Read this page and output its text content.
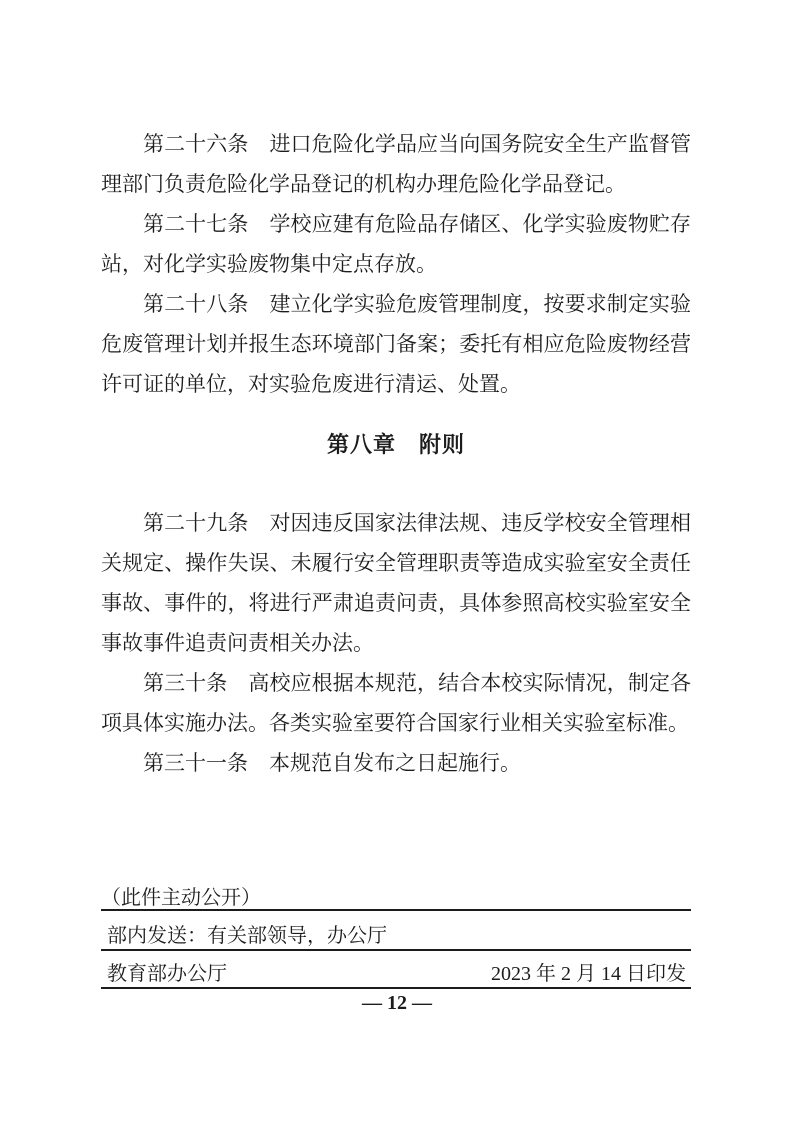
第二十六条　进口危险化学品应当向国务院安全生产监督管理部门负责危险化学品登记的机构办理危险化学品登记。

第二十七条　学校应建有危险品存储区、化学实验废物贮存站，对化学实验废物集中定点存放。

第二十八条　建立化学实验危废管理制度，按要求制定实验危废管理计划并报生态环境部门备案；委托有相应危险废物经营许可证的单位，对实验危废进行清运、处置。

第八章　附则

第二十九条　对因违反国家法律法规、违反学校安全管理相关规定、操作失误、未履行安全管理职责等造成实验室安全责任事故、事件的，将进行严肃追责问责，具体参照高校实验室安全事故事件追责问责相关办法。

第三十条　高校应根据本规范，结合本校实际情况，制定各项具体实施办法。各类实验室要符合国家行业相关实验室标准。

第三十一条　本规范自发布之日起施行。

（此件主动公开）
部内发送：有关部领导，办公厅
教育部办公厅	2023 年 2 月 14 日印发
— 12 —
